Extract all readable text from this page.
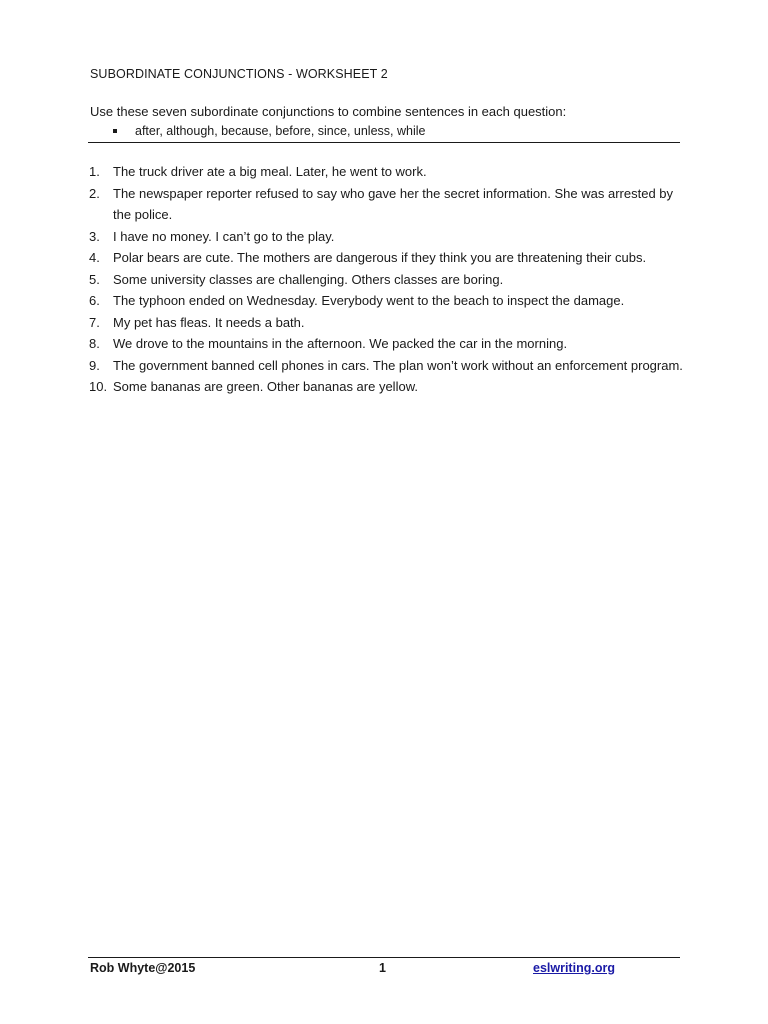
SUBORDINATE CONJUNCTIONS - WORKSHEET 2
Use these seven subordinate conjunctions to combine sentences in each question:
after, although, because, before, since, unless, while
1.	The truck driver ate a big meal. Later, he went to work.
2.	The newspaper reporter refused to say who gave her the secret information. She was arrested by the police.
3.	I have no money. I can’t go to the play.
4.	Polar bears are cute. The mothers are dangerous if they think you are threatening their cubs.
5.	Some university classes are challenging. Others classes are boring.
6.	The typhoon ended on Wednesday. Everybody went to the beach to inspect the damage.
7.	My pet has fleas. It needs a bath.
8.	We drove to the mountains in the afternoon. We packed the car in the morning.
9.	The government banned cell phones in cars. The plan won’t work without an enforcement program.
10. Some bananas are green. Other bananas are yellow.
Rob Whyte@2015	1	eslwriting.org
